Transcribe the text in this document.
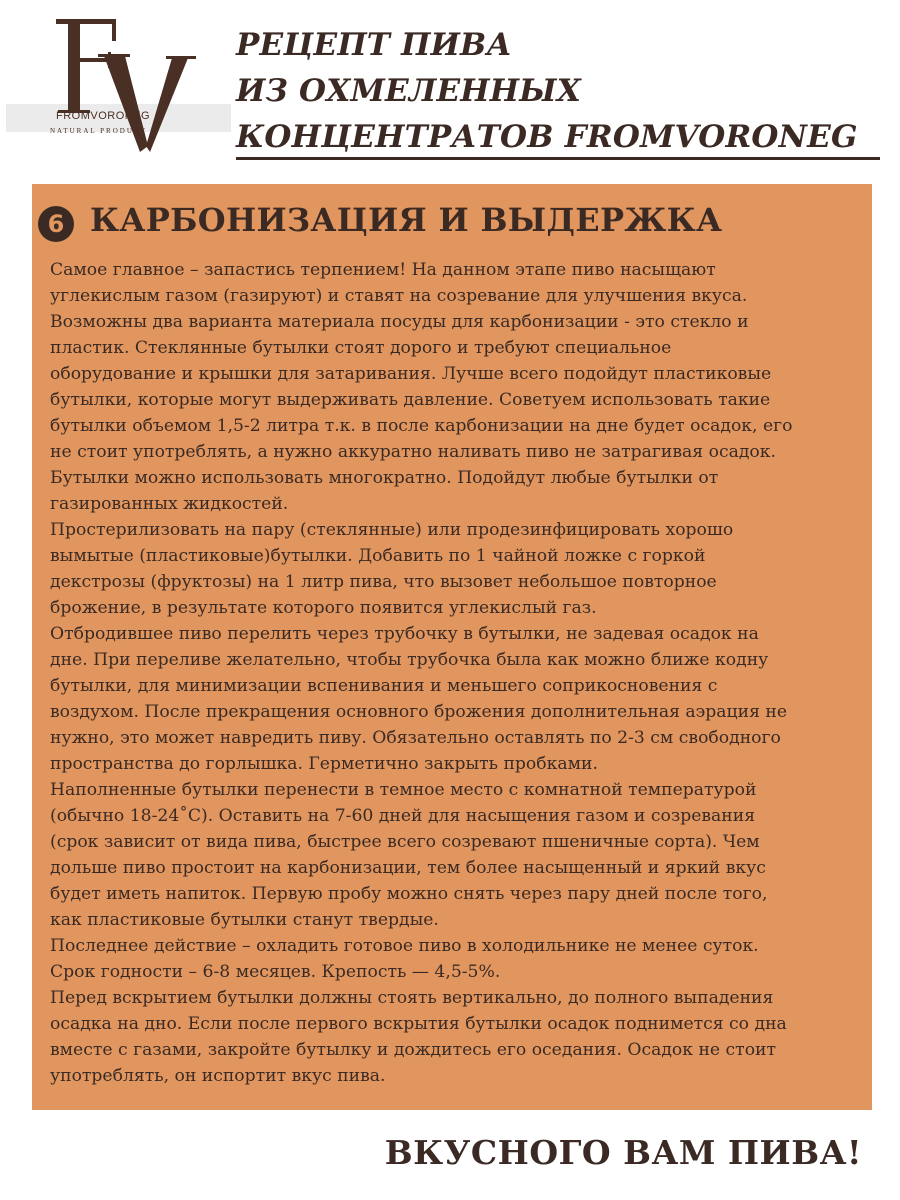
FROMVORONEG
NATURAL PRODUCT
РЕЦЕПТ ПИВА
ИЗ ОХМЕЛЕННЫХ
КОНЦЕНТРАТОВ FROMVORONEG
6 КАРБОНИЗАЦИЯ И ВЫДЕРЖКА
Самое главное – запастись терпением! На данном этапе пиво насыщают
углекислым газом (газируют) и ставят на созревание для улучшения вкуса.
Возможны два варианта материала посуды для карбонизации - это стекло и
пластик. Стеклянные бутылки стоят дорого и требуют специальное
оборудование и крышки для затаривания. Лучше всего подойдут пластиковые
бутылки, которые могут выдерживать давление. Советуем использовать такие
бутылки объемом 1,5-2 литра т.к. в после карбонизации на дне будет осадок, его
не стоит употреблять, а нужно аккуратно наливать пиво не затрагивая осадок.
Бутылки можно использовать многократно. Подойдут любые бутылки от
газированных жидкостей.
Простерилизовать на пару (стеклянные) или продезинфицировать хорошо
вымытые (пластиковые)бутылки. Добавить по 1 чайной ложке с горкой
декстрозы (фруктозы) на 1 литр пива, что вызовет небольшое повторное
брожение, в результате которого появится углекислый газ.
Отбродившее пиво перелить через трубочку в бутылки, не задевая осадок на
дне. При переливе желательно, чтобы трубочка была как можно ближе кодну
бутылки, для минимизации вспенивания и меньшего соприкосновения с
воздухом. После прекращения основного брожения дополнительная аэрация не
нужно, это может навредить пиву. Обязательно оставлять по 2-3 см свободного
пространства до горлышка. Герметично закрыть пробками.
Наполненные бутылки перенести в темное место с комнатной температурой
(обычно 18-24˚С). Оставить на 7-60 дней для насыщения газом и созревания
(срок зависит от вида пива, быстрее всего созревают пшеничные сорта). Чем
дольше пиво простоит на карбонизации, тем более насыщенный и яркий вкус
будет иметь напиток. Первую пробу можно снять через пару дней после того,
как пластиковые бутылки станут твердые.
Последнее действие – охладить готовое пиво в холодильнике не менее суток.
Срок годности – 6-8 месяцев. Крепость — 4,5-5%.
Перед вскрытием бутылки должны стоять вертикально, до полного выпадения
осадка на дно. Если после первого вскрытия бутылки осадок поднимется со дна
вместе с газами, закройте бутылку и дождитесь его оседания. Осадок не стоит
употреблять, он испортит вкус пива.
ВКУСНОГО ВАМ ПИВА!
